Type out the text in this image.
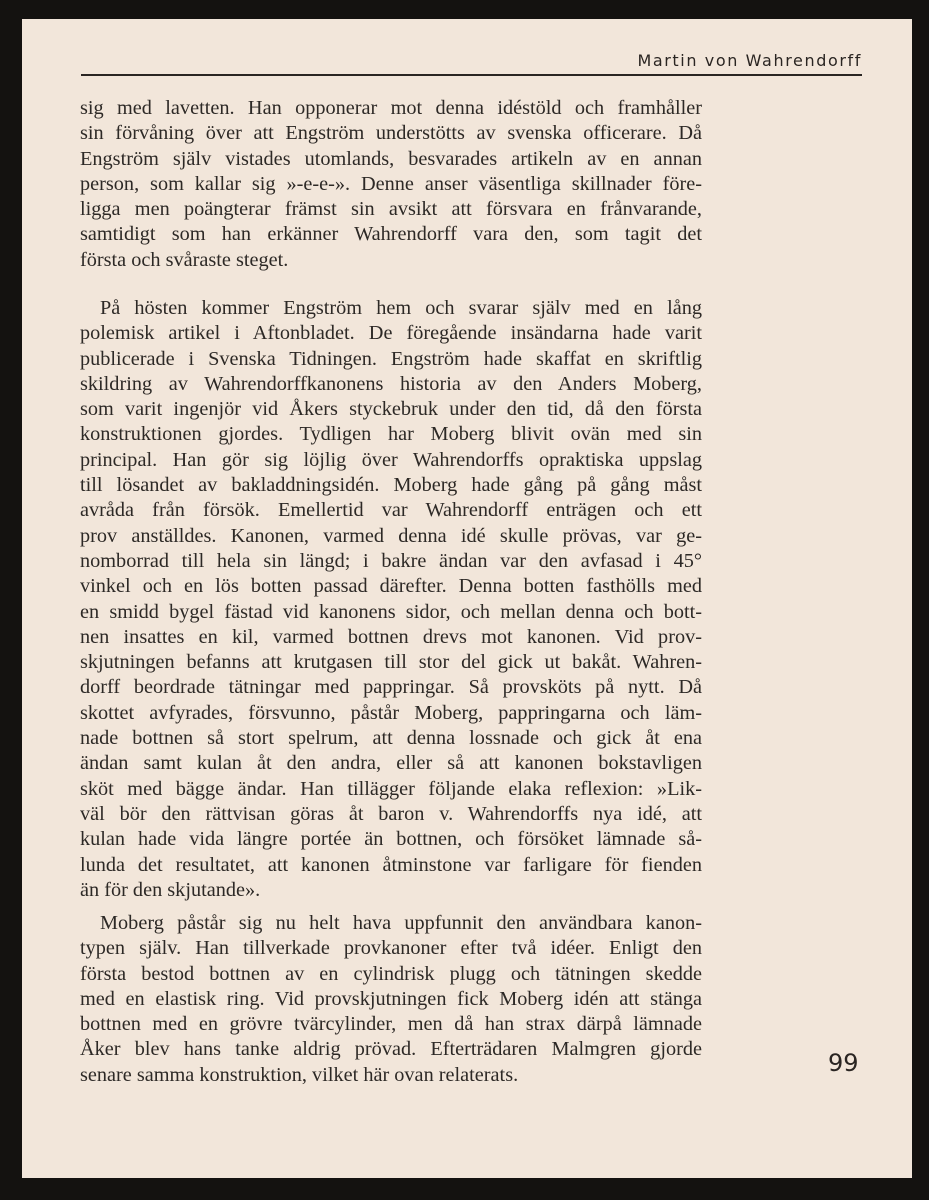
Martin von Wahrendorff
sig med lavetten. Han opponerar mot denna idéstöld och framhåller
sin förvåning över att Engström understötts av svenska officerare. Då
Engström själv vistades utomlands, besvarades artikeln av en annan
person, som kallar sig »-e-e-». Denne anser väsentliga skillnader före-
ligga men poängterar främst sin avsikt att försvara en frånvarande,
samtidigt som han erkänner Wahrendorff vara den, som tagit det
första och svåraste steget.
På hösten kommer Engström hem och svarar själv med en lång
polemisk artikel i Aftonbladet. De föregående insändarna hade varit
publicerade i Svenska Tidningen. Engström hade skaffat en skriftlig
skildring av Wahrendorffkanonens historia av den Anders Moberg,
som varit ingenjör vid Åkers styckebruk under den tid, då den första
konstruktionen gjordes. Tydligen har Moberg blivit ovän med sin
principal. Han gör sig löjlig över Wahrendorffs opraktiska uppslag
till lösandet av bakladdningsidén. Moberg hade gång på gång måst
avråda från försök. Emellertid var Wahrendorff enträgen och ett
prov anställdes. Kanonen, varmed denna idé skulle prövas, var ge-
nomborrad till hela sin längd; i bakre ändan var den avfasad i 45°
vinkel och en lös botten passad därefter. Denna botten fasthölls med
en smidd bygel fästad vid kanonens sidor, och mellan denna och bott-
nen insattes en kil, varmed bottnen drevs mot kanonen. Vid prov-
skjutningen befanns att krutgasen till stor del gick ut bakåt. Wahren-
dorff beordrade tätningar med pappringar. Så provsköts på nytt. Då
skottet avfyrades, försvunno, påstår Moberg, pappringarna och läm-
nade bottnen så stort spelrum, att denna lossnade och gick åt ena
ändan samt kulan åt den andra, eller så att kanonen bokstavligen
sköt med bägge ändar. Han tillägger följande elaka reflexion: »Lik-
väl bör den rättvisan göras åt baron v. Wahrendorffs nya idé, att
kulan hade vida längre portée än bottnen, och försöket lämnade så-
lunda det resultatet, att kanonen åtminstone var farligare för fienden
än för den skjutande».
Moberg påstår sig nu helt hava uppfunnit den användbara kanon-
typen själv. Han tillverkade provkanoner efter två idéer. Enligt den
första bestod bottnen av en cylindrisk plugg och tätningen skedde
med en elastisk ring. Vid provskjutningen fick Moberg idén att stänga
bottnen med en grövre tvärcylinder, men då han strax därpå lämnade
Åker blev hans tanke aldrig prövad. Efterträdaren Malmgren gjorde
senare samma konstruktion, vilket här ovan relaterats.	99
